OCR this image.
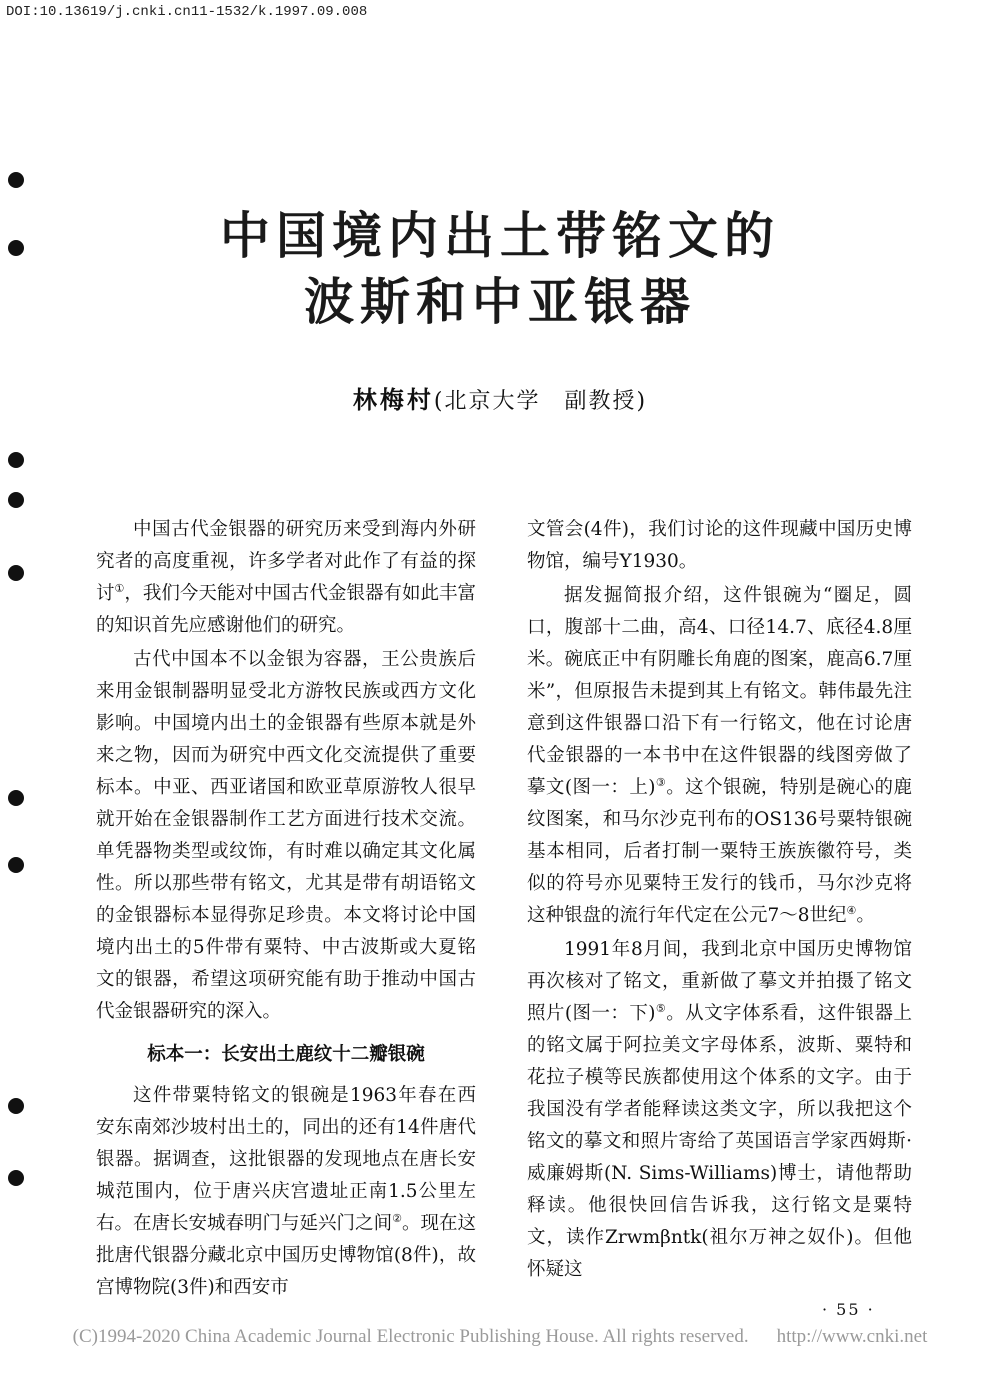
DOI:10.13619/j.cnki.cn11-1532/k.1997.09.008
中国境内出土带铭文的
波斯和中亚银器
林梅村(北京大学　副教授)

中国古代金银器的研究历来受到海内外研究者的高度重视，许多学者对此作了有益的探讨①，我们今天能对中国古代金银器有如此丰富的知识首先应感谢他们的研究。

古代中国本不以金银为容器，王公贵族后来用金银制器明显受北方游牧民族或西方文化影响。中国境内出土的金银器有些原本就是外来之物，因而为研究中西文化交流提供了重要标本。中亚、西亚诸国和欧亚草原游牧人很早就开始在金银器制作工艺方面进行技术交流。单凭器物类型或纹饰，有时难以确定其文化属性。所以那些带有铭文，尤其是带有胡语铭文的金银器标本显得弥足珍贵。本文将讨论中国境内出土的5件带有粟特、中古波斯或大夏铭文的银器，希望这项研究能有助于推动中国古代金银器研究的深入。

标本一：长安出土鹿纹十二瓣银碗

这件带粟特铭文的银碗是1963年春在西安东南郊沙坡村出土的，同出的还有14件唐代银器。据调查，这批银器的发现地点在唐长安城范围内，位于唐兴庆宫遗址正南1.5公里左右。在唐长安城春明门与延兴门之间②。现在这批唐代银器分藏北京中国历史博物馆(8件)，故宫博物院(3件)和西安市

文管会(4件)，我们讨论的这件现藏中国历史博物馆，编号Y1930。

据发掘简报介绍，这件银碗为“圈足，圆口，腹部十二曲，高4、口径14.7、底径4.8厘米。碗底正中有阴雕长角鹿的图案，鹿高6.7厘米”，但原报告未提到其上有铭文。韩伟最先注意到这件银器口沿下有一行铭文，他在讨论唐代金银器的一本书中在这件银器的线图旁做了摹文(图一：上)③。这个银碗，特别是碗心的鹿纹图案，和马尔沙克刊布的OS136号粟特银碗基本相同，后者打制一粟特王族族徽符号，类似的符号亦见粟特王发行的钱币，马尔沙克将这种银盘的流行年代定在公元7～8世纪④。

1991年8月间，我到北京中国历史博物馆再次核对了铭文，重新做了摹文并拍摄了铭文照片(图一：下)⑤。从文字体系看，这件银器上的铭文属于阿拉美文字母体系，波斯、粟特和花拉子模等民族都使用这个体系的文字。由于我国没有学者能释读这类文字，所以我把这个铭文的摹文和照片寄给了英国语言学家西姆斯·威廉姆斯(N. Sims-Williams)博士，请他帮助释读。他很快回信告诉我，这行铭文是粟特文，读作Zrwmβntk(祖尔万神之奴仆)。但他怀疑这

· 55 ·
(C)1994-2020 China Academic Journal Electronic Publishing House. All rights reserved. http://www.cnki.net
